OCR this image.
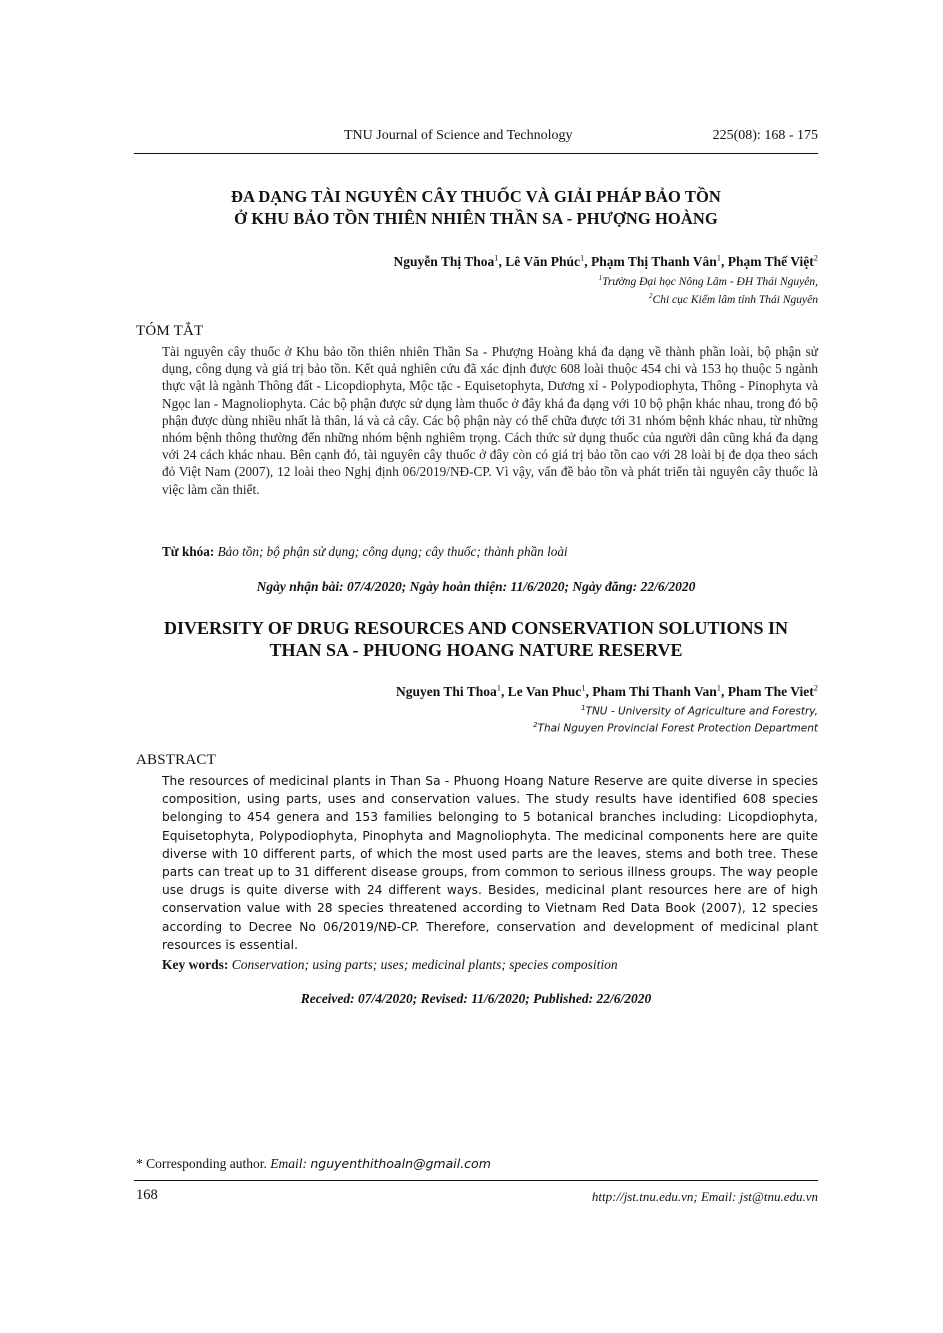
TNU Journal of Science and Technology	225(08): 168 - 175
ĐA DẠNG TÀI NGUYÊN CÂY THUỐC VÀ GIẢI PHÁP BẢO TỒN
Ở KHU BẢO TỒN THIÊN NHIÊN THẦN SA - PHƯỢNG HOÀNG
Nguyễn Thị Thoa$^1$, Lê Văn Phúc$^1$, Phạm Thị Thanh Vân$^1$, Phạm Thế Việt$^2$
$^1$Trường Đại học Nông Lâm - ĐH Thái Nguyên,
$^2$Chi cục Kiểm lâm tỉnh Thái Nguyên
TÓM TẮT
Tài nguyên cây thuốc ở Khu bảo tồn thiên nhiên Thần Sa - Phượng Hoàng khá đa dạng về thành phần loài, bộ phận sử dụng, công dụng và giá trị bảo tồn. Kết quả nghiên cứu đã xác định được 608 loài thuộc 454 chi và 153 họ thuộc 5 ngành thực vật là ngành Thông đất - Licopdiophyta, Mộc tặc - Equisetophyta, Dương xỉ - Polypodiophyta, Thông - Pinophyta và Ngọc lan - Magnoliophyta. Các bộ phận được sử dụng làm thuốc ở đây khá đa dạng với 10 bộ phận khác nhau, trong đó bộ phận được dùng nhiều nhất là thân, lá và cả cây. Các bộ phận này có thể chữa được tới 31 nhóm bệnh khác nhau, từ những nhóm bệnh thông thường đến những nhóm bệnh nghiêm trọng. Cách thức sử dụng thuốc của người dân cũng khá đa dạng với 24 cách khác nhau. Bên cạnh đó, tài nguyên cây thuốc ở đây còn có giá trị bảo tồn cao với 28 loài bị đe dọa theo sách đỏ Việt Nam (2007), 12 loài theo Nghị định 06/2019/NĐ-CP. Vì vậy, vấn đề bảo tồn và phát triển tài nguyên cây thuốc là việc làm cần thiết.
Từ khóa: Bảo tồn; bộ phận sử dụng; công dụng; cây thuốc; thành phần loài
Ngày nhận bài: 07/4/2020; Ngày hoàn thiện: 11/6/2020; Ngày đăng: 22/6/2020
DIVERSITY OF DRUG RESOURCES AND CONSERVATION SOLUTIONS IN
THAN SA - PHUONG HOANG NATURE RESERVE
Nguyen Thi Thoa$^1$, Le Van Phuc$^1$, Pham Thi Thanh Van$^1$, Pham The Viet$^2$
$^1$TNU - University of Agriculture and Forestry,
$^2$Thai Nguyen Provincial Forest Protection Department
ABSTRACT
The resources of medicinal plants in Than Sa - Phuong Hoang Nature Reserve are quite diverse in species composition, using parts, uses and conservation values. The study results have identified 608 species belonging to 454 genera and 153 families belonging to 5 botanical branches including: Licopdiophyta, Equisetophyta, Polypodiophyta, Pinophyta and Magnoliophyta. The medicinal components here are quite diverse with 10 different parts, of which the most used parts are the leaves, stems and both tree. These parts can treat up to 31 different disease groups, from common to serious illness groups. The way people use drugs is quite diverse with 24 different ways. Besides, medicinal plant resources here are of high conservation value with 28 species threatened according to Vietnam Red Data Book (2007), 12 species according to Decree No 06/2019/NĐ-CP. Therefore, conservation and development of medicinal plant resources is essential.
Key words: Conservation; using parts; uses; medicinal plants; species composition
Received: 07/4/2020; Revised: 11/6/2020; Published: 22/6/2020
* Corresponding author. Email: nguyenthithoaln@gmail.com
168	http://jst.tnu.edu.vn; Email: jst@tnu.edu.vn
